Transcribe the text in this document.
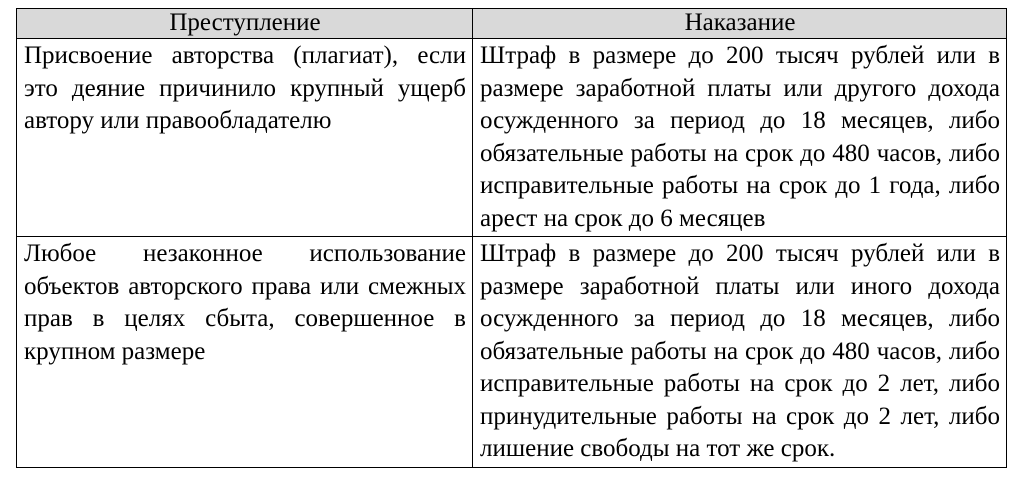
Преступление	Наказание

Присвоение авторства (плагиат), если это деяние причинило крупный ущерб автору или правообладателю	Штраф в размере до 200 тысяч рублей или в размере заработной платы или другого дохода осужденного за период до 18 месяцев, либо обязательные работы на срок до 480 часов, либо исправительные работы на срок до 1 года, либо арест на срок до 6 месяцев

Любое незаконное использование объектов авторского права или смежных прав в целях сбыта, совершенное в крупном размере	Штраф в размере до 200 тысяч рублей или в размере заработной платы или иного дохода осужденного за период до 18 месяцев, либо обязательные работы на срок до 480 часов, либо исправительные работы на срок до 2 лет, либо принудительные работы на срок до 2 лет, либо лишение свободы на тот же срок.
